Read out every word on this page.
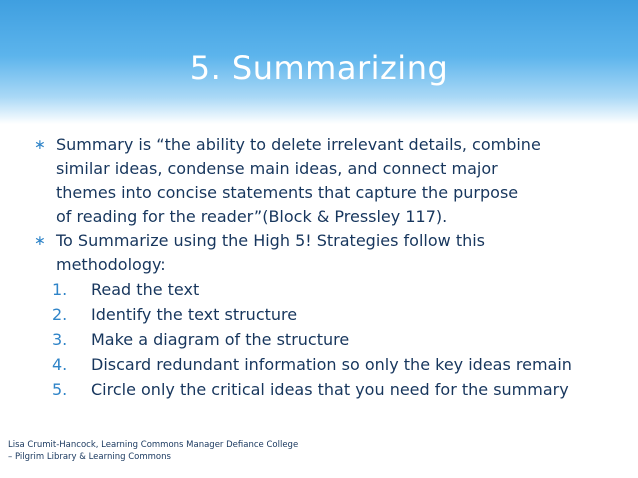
5. Summarizing
∗ Summary is “the ability to delete irrelevant details, combine
similar ideas, condense main ideas, and connect major
themes into concise statements that capture the purpose
of reading for the reader”(Block & Pressley 117).
∗ To Summarize using the High 5! Strategies follow this
methodology:
1.	Read the text
2.	Identify the text structure
3.	Make a diagram of the structure
4.	Discard redundant information so only the key ideas remain
5.	Circle only the critical ideas that you need for the summary
Lisa Crumit-Hancock, Learning Commons Manager Defiance College
– Pilgrim Library & Learning Commons
